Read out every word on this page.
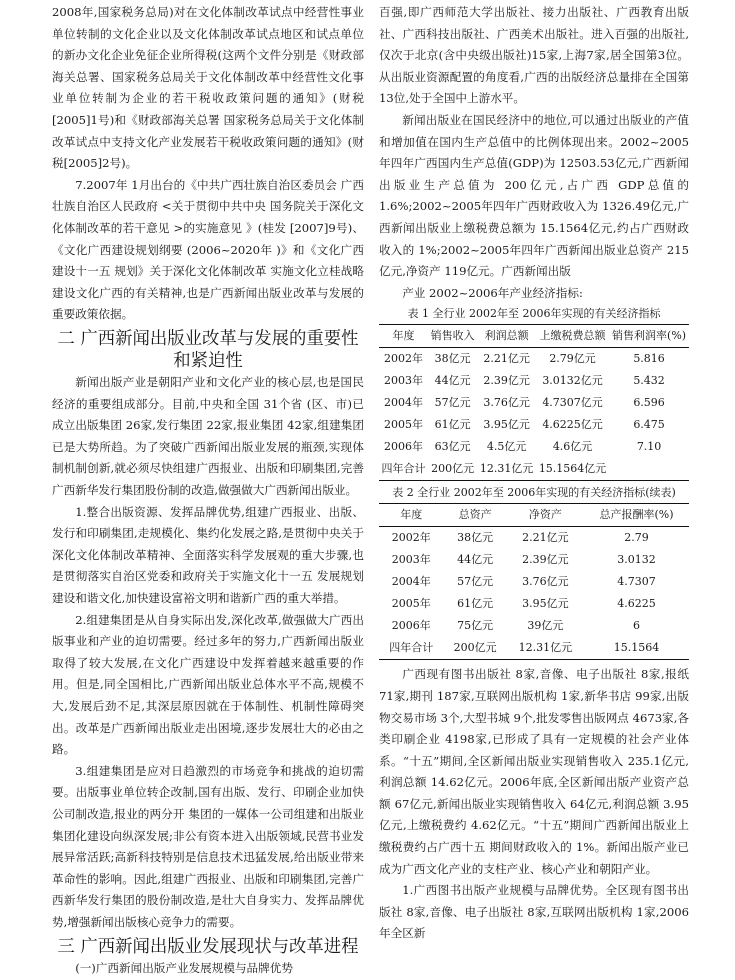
2008年,国家税务总局)对在文化体制改革试点中经营性事业单位转制的文化企业以及文化体制改革试点地区和试点单位的新办文化企业免征企业所得税(这两个文件分别是《财政部海关总署、国家税务总局关于文化体制改革中经营性文化事业单位转制为企业的若干税收政策问题的通知》(财税[2005]1号)和《财政部海关总署 国家税务总局关于文化体制改革试点中支持文化产业发展若干税收政策问题的通知》(财税[2005]2号)。

7.2007年 1月出台的《中共广西壮族自治区委员会 广西壮族自治区人民政府 <关于贯彻中共中央 国务院关于深化文化体制改革的若干意见 >的实施意见 》(桂发 [2007]9号)、《文化广西建设规划纲要 (2006~2020年 )》和《文化广西建设十一五 规划》关于深化文化体制改革 实施文化立桂战略 建设文化广西的有关精神,也是广西新闻出版业改革与发展的重要政策依据。

二 广西新闻出版业改革与发展的重要性和紧迫性

新闻出版产业是朝阳产业和文化产业的核心层,也是国民经济的重要组成部分。目前,中央和全国 31个省 (区、市)已成立出版集团 26家,发行集团 22家,报业集团 42家,组建集团已是大势所趋。为了突破广西新闻出版业发展的瓶颈,实现体制机制创新,就必须尽快组建广西报业、出版和印刷集团,完善广西新华发行集团股份制的改造,做强做大广西新闻出版业。

1.整合出版资源、发挥品牌优势,组建广西报业、出版、发行和印刷集团,走规模化、集约化发展之路,是贯彻中央关于深化文化体制改革精神、全面落实科学发展观的重大步骤,也是贯彻落实自治区党委和政府关于实施文化十一五 发展规划建设和谐文化,加快建设富裕文明和谐新广西的重大举措。

2.组建集团是从自身实际出发,深化改革,做强做大广西出版事业和产业的迫切需要。经过多年的努力,广西新闻出版业取得了较大发展,在文化广西建设中发挥着越来越重要的作用。但是,同全国相比,广西新闻出版业总体水平不高,规模不大,发展后劲不足,其深层原因就在于体制性、机制性障碍突出。改革是广西新闻出版业走出困境,逐步发展壮大的必由之路。

3.组建集团是应对日趋激烈的市场竞争和挑战的迫切需要。出版事业单位转企改制,国有出版、发行、印刷企业加快公司制改造,报业的两分开 集团的一媒体一公司组建和出版业集团化建设向纵深发展;非公有资本进入出版领域,民营书业发展异常活跃;高新科技特别是信息技术迅猛发展,给出版业带来革命性的影响。因此,组建广西报业、出版和印刷集团,完善广西新华发行集团的股份制改造,是壮大自身实力、发挥品牌优势,增强新闻出版核心竞争力的需要。

三 广西新闻出版业发展现状与改革进程

(一)广西新闻出版产业发展规模与品牌优势

百强,即广西师范大学出版社、接力出版社、广西教育出版社、广西科技出版社、广西美术出版社。进入百强的出版社,仅次于北京(含中央级出版社)15家,上海7家,居全国第3位。从出版业资源配置的角度看,广西的出版经济总量排在全国第13位,处于全国中上游水平。

新闻出版业在国民经济中的地位,可以通过出版业的产值和增加值在国内生产总值中的比例体现出来。2002~2005年四年广西国内生产总值(GDP)为 12503.53亿元,广西新闻出版业生产总值为 200亿元,占广西 GDP总值的 1.6%;2002~2005年四年广西财政收入为 1326.49亿元,广西新闻出版业上缴税费总额为 15.1564亿元,约占广西财政收入的 1%;2002~2005年四年广西新闻出版业总资产 215亿元,净资产 119亿元。广西新闻出版

产业 2002~2006年产业经济指标:

表 1 全行业 2002年至 2006年实现的有关经济指标
年度	销售收入	利润总额	上缴税费总额	销售利润率(%)
2002年	38亿元	2.21亿元	2.79亿元	5.816
2003年	44亿元	2.39亿元	3.0132亿元	5.432
2004年	57亿元	3.76亿元	4.7307亿元	6.596
2005年	61亿元	3.95亿元	4.6225亿元	6.475
2006年	63亿元	4.5亿元	4.6亿元	7.10
四年合计	200亿元	12.31亿元	15.1564亿元	
表 2 全行业 2002年至 2006年实现的有关经济指标(续表)
年度	总资产	净资产	总产报酬率(%)
2002年	38亿元	2.21亿元	2.79
2003年	44亿元	2.39亿元	3.0132
2004年	57亿元	3.76亿元	4.7307
2005年	61亿元	3.95亿元	4.6225
2006年	75亿元	39亿元	6
四年合计	200亿元	12.31亿元	15.1564

广西现有图书出版社 8家,音像、电子出版社 8家,报纸 71家,期刊 187家,互联网出版机构 1家,新华书店 99家,出版物交易市场 3个,大型书城 9个,批发零售出版网点 4673家,各类印刷企业 4198家,已形成了具有一定规模的社会产业体系。“十五”期间,全区新闻出版业实现销售收入 235.1亿元,利润总额 14.62亿元。2006年底,全区新闻出版产业资产总额 67亿元,新闻出版业实现销售收入 64亿元,利润总额 3.95亿元,上缴税费约 4.62亿元。“十五”期间广西新闻出版业上缴税费约占广西十五 期间财政收入的 1%。新闻出版产业已成为广西文化产业的支柱产业、核心产业和朝阳产业。

1.广西图书出版产业规模与品牌优势。全区现有图书出版社 8家,音像、电子出版社 8家,互联网出版机构 1家,2006年全区新
